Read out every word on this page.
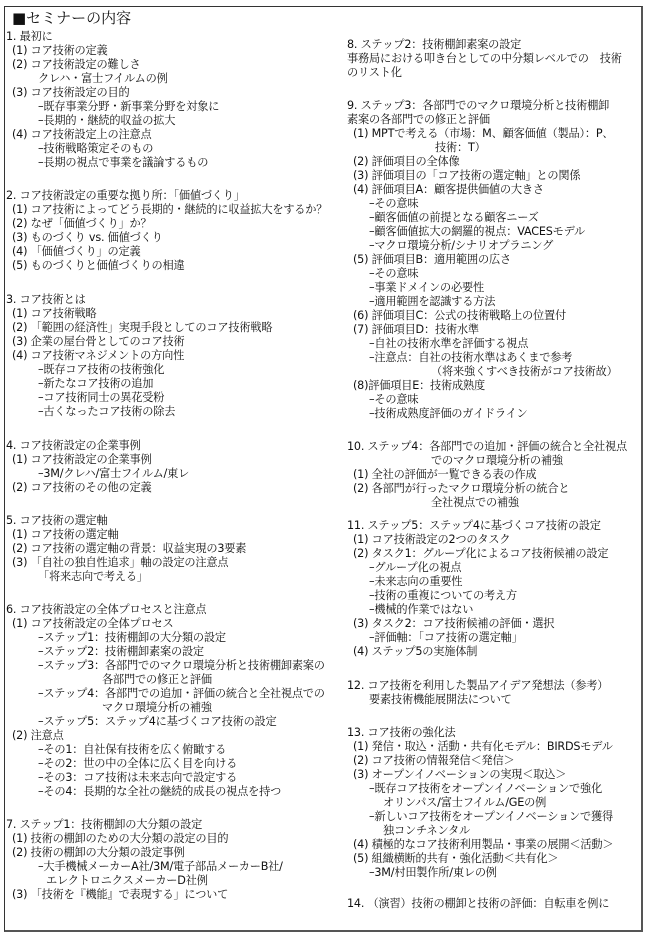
■セミナーの内容
1. 最初に
(1) コア技術の定義
(2) コア技術設定の難しさ
クレハ・富士フイルムの例
(3) コア技術設定の目的
–既存事業分野・新事業分野を対象に
–長期的・継続的収益の拡大
(4) コア技術設定上の注意点
–技術戦略策定そのもの
–長期の視点で事業を議論するもの
2. コア技術設定の重要な拠り所：「価値づくり」
(1) コア技術によってどう長期的・継続的に収益拡大をするか？
(2) なぜ「価値づくり」か？
(3) ものづくり vs. 価値づくり
(4) 「価値づくり」の定義
(5) ものづくりと価値づくりの相違
3. コア技術とは
(1) コア技術戦略
(2) 「範囲の経済性」実現手段としてのコア技術戦略
(3) 企業の屋台骨としてのコア技術
(4) コア技術マネジメントの方向性
–既存コア技術の技術強化
–新たなコア技術の追加
–コア技術同士の異花受粉
–古くなったコア技術の除去
4. コア技術設定の企業事例
(1) コア技術設定の企業事例
–3M/クレハ/富士フイルム/東レ
(2) コア技術のその他の定義
5. コア技術の選定軸
(1) コア技術の選定軸
(2) コア技術の選定軸の背景：収益実現の3要素
(3) 「自社の独自性追求」軸の設定の注意点
「将来志向で考える」
6. コア技術設定の全体プロセスと注意点
(1) コア技術設定の全体プロセス
–ステップ1：技術棚卸の大分類の設定
–ステップ2：技術棚卸素案の設定
–ステップ3：各部門でのマクロ環境分析と技術棚卸素案の
各部門での修正と評価
–ステップ4：各部門での追加・評価の統合と全社視点での
マクロ環境分析の補強
–ステップ5：ステップ4に基づくコア技術の設定
(2) 注意点
–その1：自社保有技術を広く俯瞰する
–その2：世の中の全体に広く目を向ける
–その3：コア技術は未来志向で設定する
–その4：長期的な全社の継続的成長の視点を持つ
7. ステップ1：技術棚卸の大分類の設定
(1) 技術の棚卸のための大分類の設定の目的
(2) 技術の棚卸の大分類の設定事例
–大手機械メーカーA社/3M/電子部品メーカーB社/
エレクトロニクスメーカーD社例
(3) 「技術を『機能』で表現する」について
8. ステップ2：技術棚卸素案の設定
事務局における叩き台としての中分類レベルでの　技術
のリスト化
9. ステップ3：各部門でのマクロ環境分析と技術棚卸
素案の各部門での修正と評価
(1) MPTで考える（市場：M、顧客価値（製品）：P、
技術：T）
(2) 評価項目の全体像
(3) 評価項目の「コア技術の選定軸」との関係
(4) 評価項目A：顧客提供価値の大きさ
–その意味
–顧客価値の前提となる顧客ニーズ
–顧客価値拡大の網羅的視点：VACESモデル
–マクロ環境分析/シナリオプラニング
(5) 評価項目B：適用範囲の広さ
–その意味
–事業ドメインの必要性
–適用範囲を認識する方法
(6) 評価項目C：公式の技術戦略上の位置付
(7) 評価項目D：技術水準
–自社の技術水準を評価する視点
–注意点：自社の技術水準はあくまで参考
（将来強くすべき技術がコア技術故）
(8)評価項目E：技術成熟度
–その意味
–技術成熟度評価のガイドライン
10. ステップ4：各部門での追加・評価の統合と全社視点
でのマクロ環境分析の補強
(1) 全社の評価が一覧できる表の作成
(2) 各部門が行ったマクロ環境分析の統合と
全社視点での補強
11. ステップ5：ステップ4に基づくコア技術の設定
(1) コア技術設定の2つのタスク
(2) タスク1：グループ化によるコア技術候補の設定
–グループ化の視点
–未来志向の重要性
–技術の重複についての考え方
–機械的作業ではない
(3) タスク2：コア技術候補の評価・選択
–評価軸：「コア技術の選定軸」
(4) ステップ5の実施体制
12. コア技術を利用した製品アイデア発想法（参考）
要素技術機能展開法について
13. コア技術の強化法
(1) 発信・取込・活動・共有化モデル：BIRDSモデル
(2) コア技術の情報発信＜発信＞
(3) オープンイノベーションの実現＜取込＞
–既存コア技術をオープンイノベーションで強化
オリンパス/富士フイルム/GEの例
–新しいコア技術をオープンイノベーションで獲得
独コンチネンタル
(4) 積極的なコア技術利用製品・事業の展開＜活動＞
(5) 組織横断的共有・強化活動＜共有化＞
–3M/村田製作所/東レの例
14. （演習）技術の棚卸と技術の評価：自転車を例に
